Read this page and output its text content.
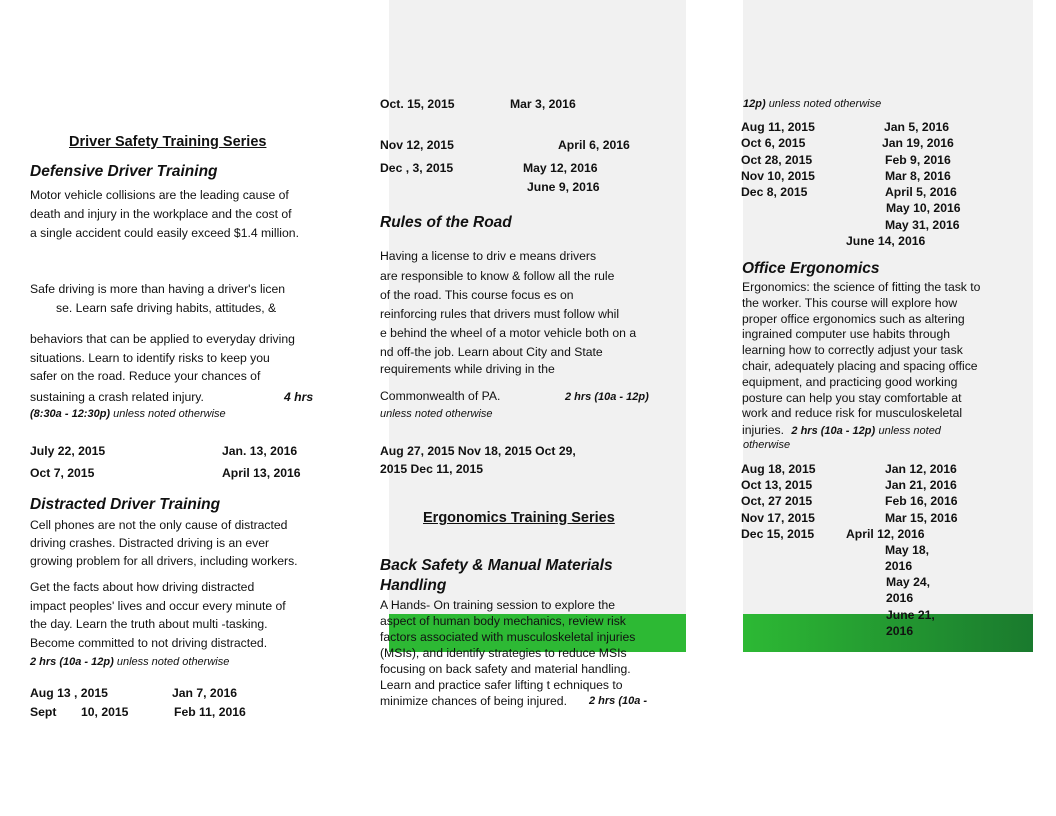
Driver Safety Training Series
Defensive Driver Training
Motor vehicle collisions are the leading cause of
death and injury in the workplace and the cost of
a single accident could easily exceed $1.4 million.
Safe driving is more than having a driver's licen
se. Learn safe driving habits, attitudes, &
behaviors that can be applied to everyday driving
situations. Learn to identify risks to keep you
safer on the road. Reduce your chances of
sustaining a crash related injury.	4 hrs
(8:30a - 12:30p) unless noted otherwise
July 22, 2015	Jan. 13, 2016
Oct 7, 2015	April 13, 2016
Distracted Driver Training
Cell phones are not the only cause of distracted
driving crashes. Distracted driving is an ever
growing problem for all drivers, including workers.
Get the facts about how driving distracted
impact peoples' lives and occur every minute of
the day. Learn the truth about multi -tasking.
Become committed to not driving distracted.
2 hrs (10a - 12p) unless noted otherwise
Aug 13 , 2015	Jan 7, 2016
Sept 10, 2015	Feb 11, 2016
Oct. 15, 2015	Mar 3, 2016
Nov 12, 2015	April 6, 2016
Dec , 3, 2015	May 12, 2016
June 9, 2016
Rules of the Road
Having a license to driv e means drivers
are responsible to know & follow all the rule
of the road. This course focus es on
reinforcing rules that drivers must follow whil
e behind the wheel of a motor vehicle both on a
nd off-the job. Learn about City and State
requirements while driving in the
Commonwealth of PA.	2 hrs (10a - 12p)
unless noted otherwise
Aug 27, 2015 Nov 18, 2015 Oct 29,
2015 Dec 11, 2015
Ergonomics Training Series
Back Safety & Manual Materials
Handling
A Hands- On training session to explore the
aspect of human body mechanics, review risk
factors associated with musculoskeletal injuries
(MSIs), and identify strategies to reduce MSIs
focusing on back safety and material handling.
Learn and practice safer lifting t echniques to
minimize chances of being injured. 2 hrs (10a -
12p) unless noted otherwise
Aug 11, 2015	Jan 5, 2016
Oct 6, 2015	Jan 19, 2016
Oct 28, 2015	Feb 9, 2016
Nov 10, 2015	Mar 8, 2016
Dec 8, 2015	April 5, 2016
May 10, 2016
May 31, 2016
June 14, 2016
Office Ergonomics
Ergonomics: the science of fitting the task to
the worker. This course will explore how
proper office ergonomics such as altering
ingrained computer use habits through
learning how to correctly adjust your task
chair, adequately placing and spacing office
equipment, and practicing good working
posture can help you stay comfortable at
work and reduce risk for musculoskeletal
injuries. 2 hrs (10a - 12p) unless noted
otherwise
Aug 18, 2015	Jan 12, 2016
Oct 13, 2015	Jan 21, 2016
Oct, 27 2015	Feb 16, 2016
Nov 17, 2015	Mar 15, 2016
Dec 15, 2015	April 12, 2016
May 18,
2016
May 24,
2016
June 21,
2016
